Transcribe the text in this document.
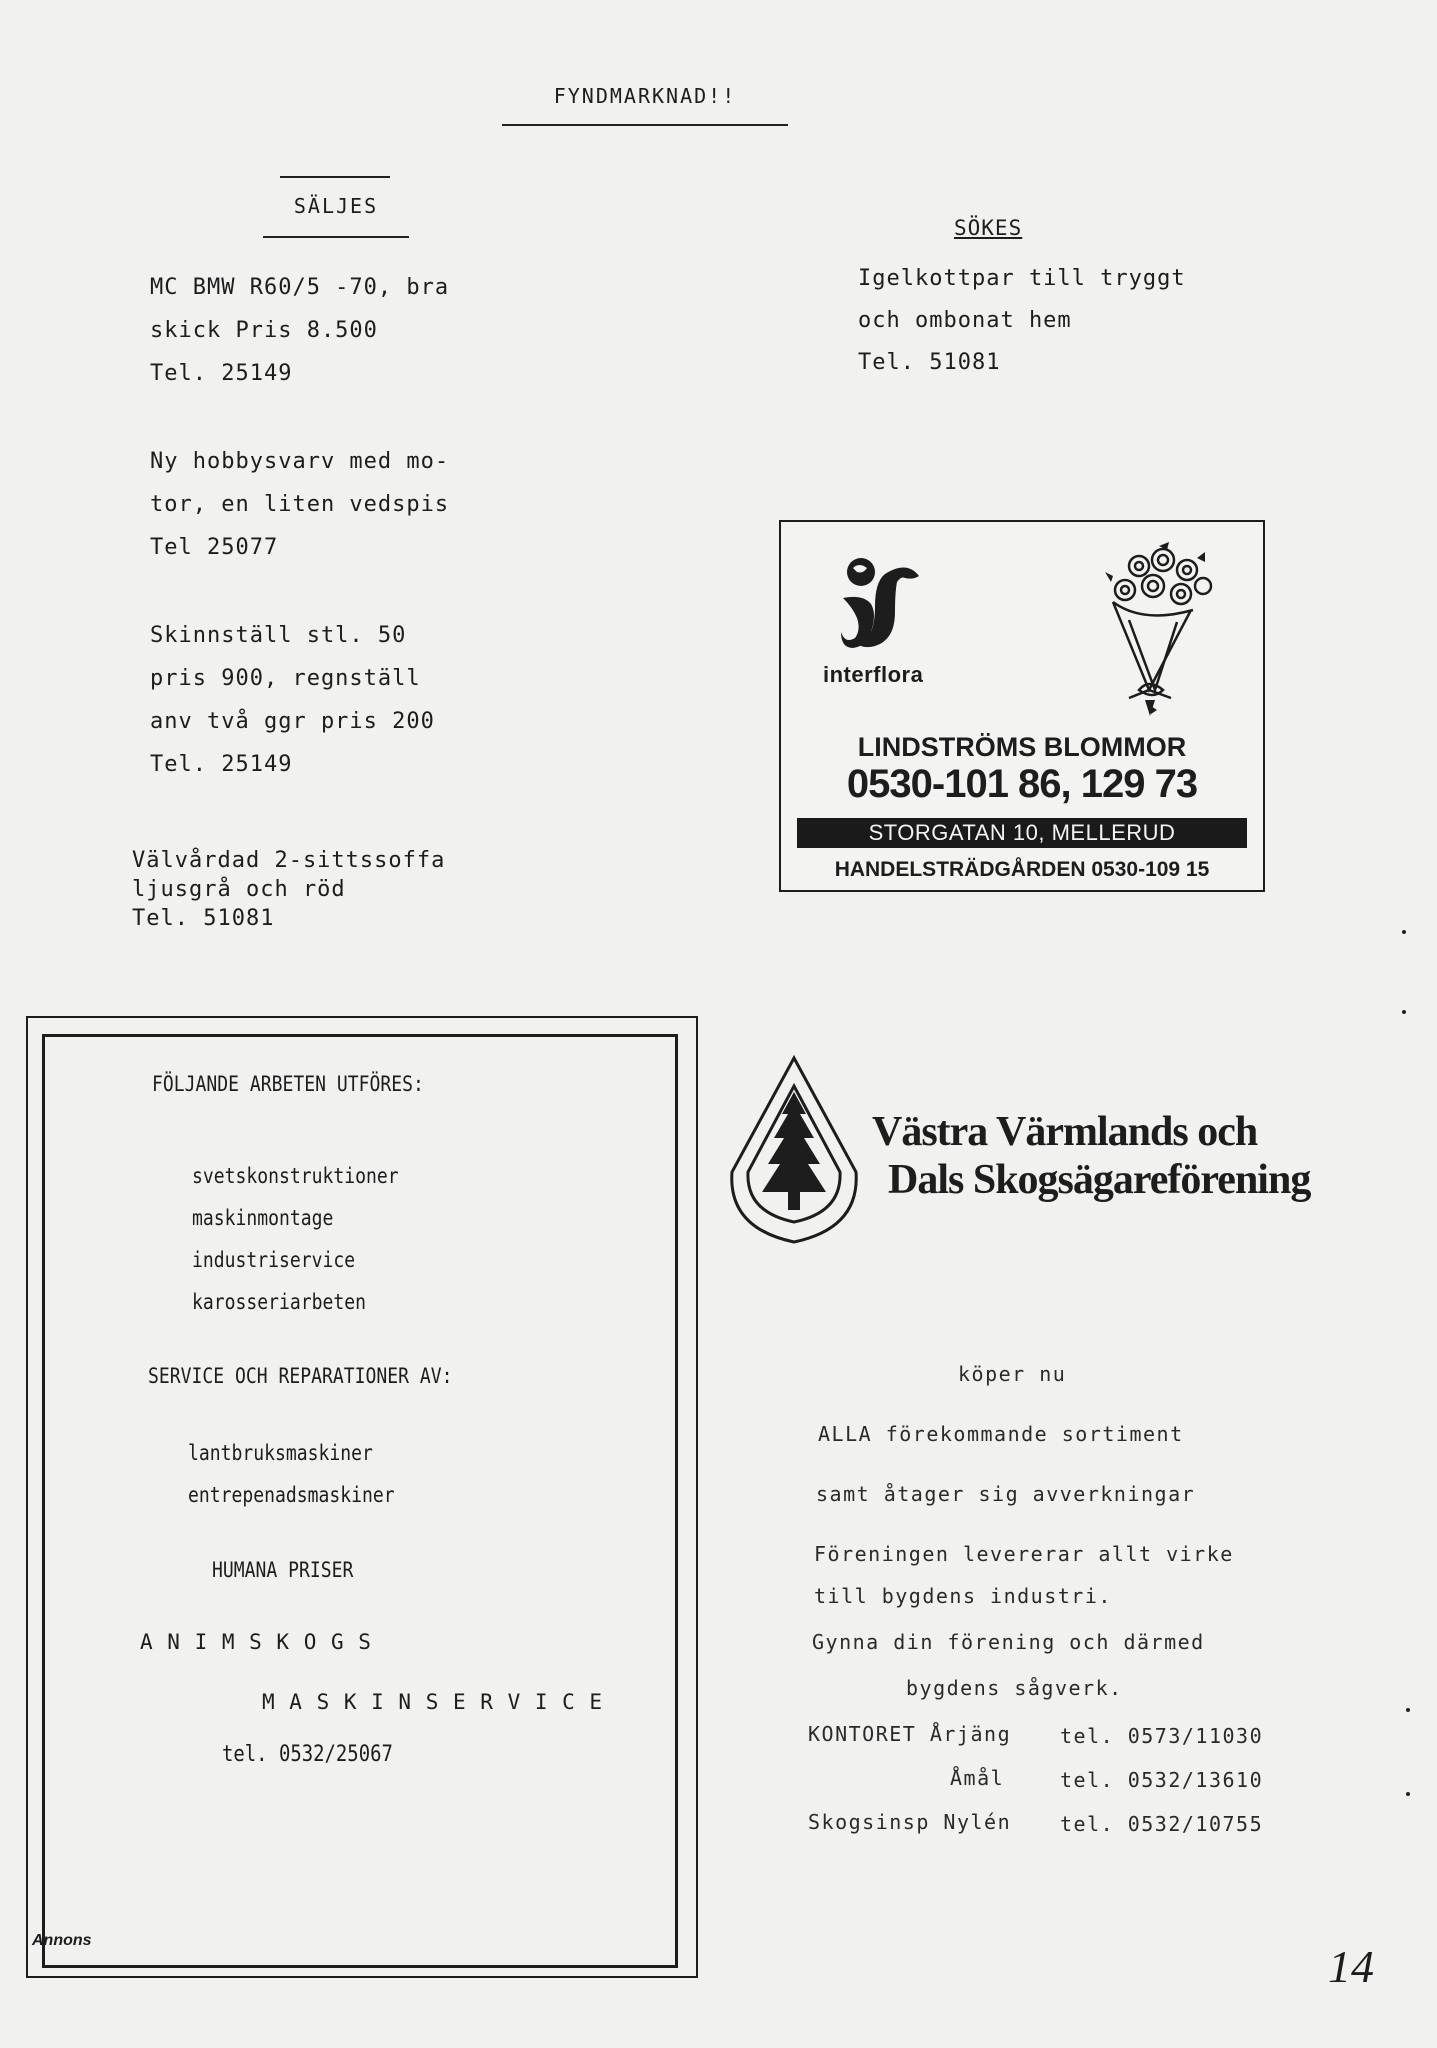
FYNDMARKNAD!!
SÄLJES
MC BMW R60/5 -70, bra
skick Pris 8.500
Tel. 25149
Ny hobbysvarv med mo-
tor, en liten vedspis
Tel 25077
Skinnställ stl. 50
pris 900, regnställ
anv två ggr pris 200
Tel. 25149
Välvårdad 2-sittssoffa
ljusgrå och röd
Tel. 51081
SÖKES
Igelkottpar till tryggt
och ombonat hem
Tel. 51081
interflora
LINDSTRÖMS BLOMMOR
0530-101 86, 129 73
STORGATAN 10, MELLERUD
HANDELSTRÄDGÅRDEN 0530-109 15
FÖLJANDE ARBETEN UTFÖRES:
svetskonstruktioner
maskinmontage
industriservice
karosseriarbeten
SERVICE OCH REPARATIONER AV:
lantbruksmaskiner
entrepenadsmaskiner
HUMANA PRISER
A N I M S K O G S
M A S K I N S E R V I C E
tel. 0532/25067
Annons
Västra Värmlands och
Dals Skogsägareförening
köper nu
ALLA förekommande sortiment
samt åtager sig avverkningar
Föreningen levererar allt virke
till bygdens industri.
Gynna din förening och därmed
bygdens sågverk.
KONTORET Årjäng tel. 0573/11030
Åmål	tel. 0532/13610
Skogsinsp Nylén tel. 0532/10755
14
